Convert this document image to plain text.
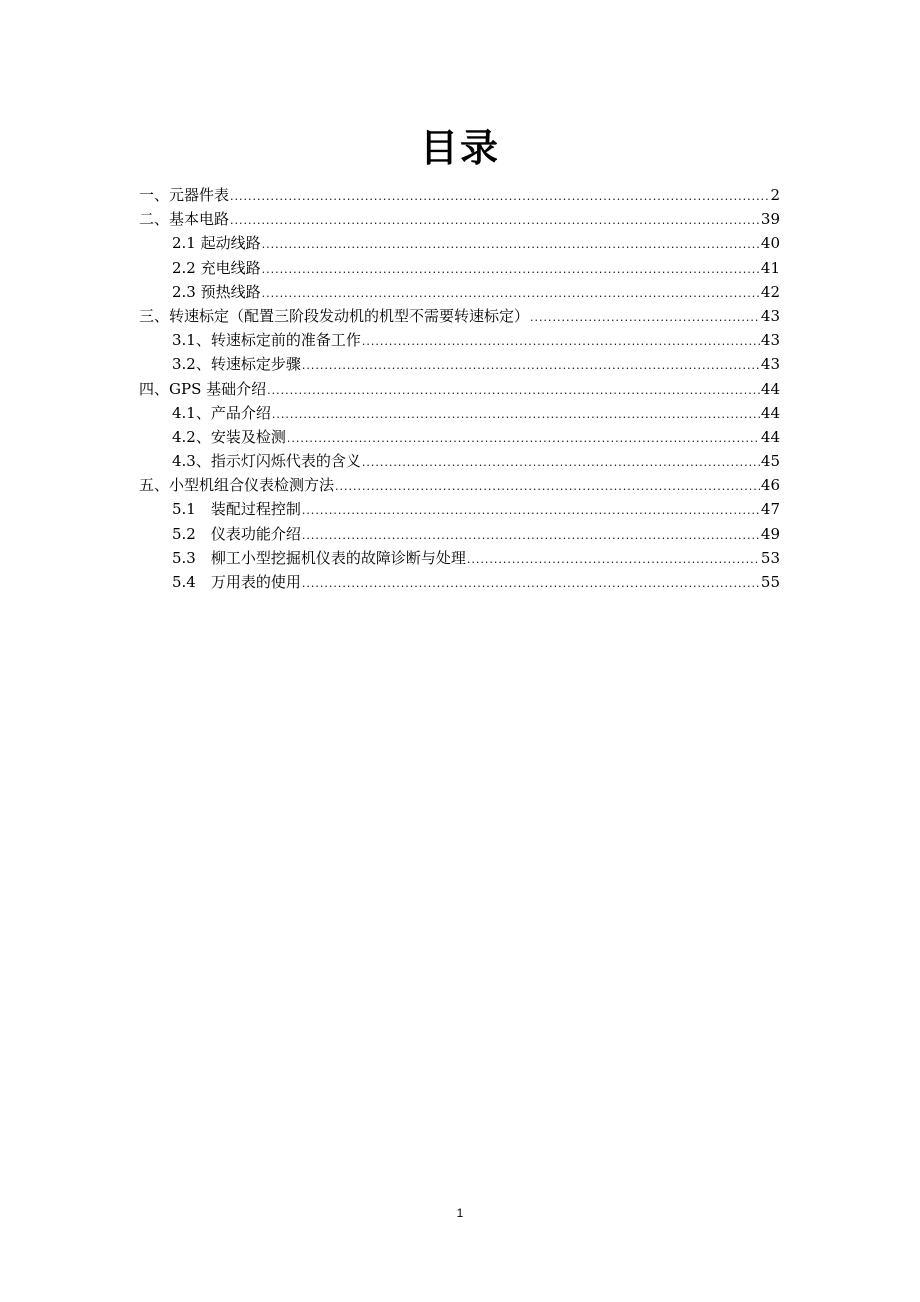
目录
一、元器件表 .....	2
二、基本电路 .....	39
2.1 起动线路 .....	40
2.2 充电线路 .....	41
2.3 预热线路 .....	42
三、转速标定（配置三阶段发动机的机型不需要转速标定） .....	43
3.1、转速标定前的准备工作 .....	43
3.2、转速标定步骤 .....	43
四、GPS 基础介绍 .....	44
4.1、产品介绍 .....	44
4.2、安装及检测 .....	44
4.3、指示灯闪烁代表的含义 .....	45
五、小型机组合仪表检测方法 .....	46
5.1　装配过程控制 .....	47
5.2　仪表功能介绍 .....	49
5.3　柳工小型挖掘机仪表的故障诊断与处理 .....	53
5.4　万用表的使用 .....	55
1
